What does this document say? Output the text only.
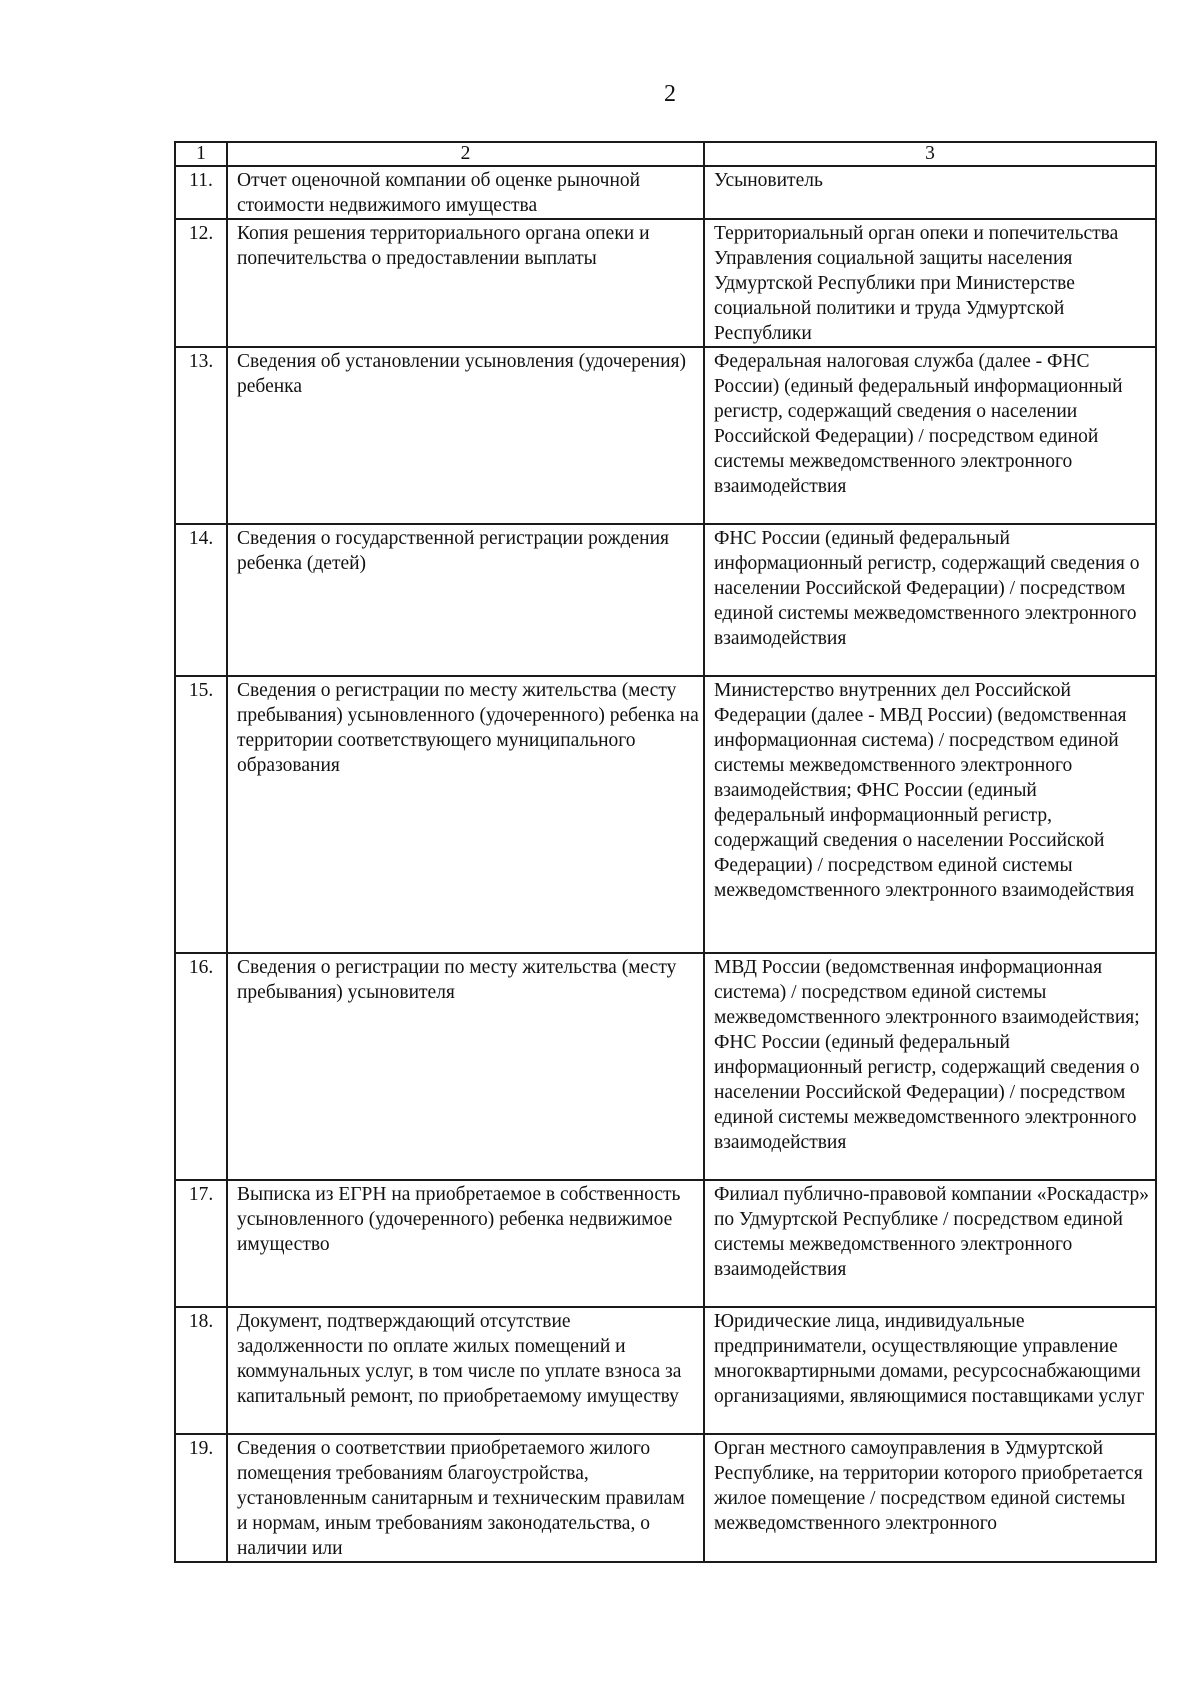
2
1	2	3
11.	Отчет оценочной компании об оценке рыночной стоимости недвижимого имущества	Усыновитель
12.	Копия решения территориального органа опеки и попечительства о предоставлении выплаты	Территориальный орган опеки и попечительства Управления социальной защиты населения Удмуртской Республики при Министерстве социальной политики и труда Удмуртской Республики
13.	Сведения об установлении усыновления (удочерения) ребенка	Федеральная налоговая служба (далее - ФНС России) (единый федеральный информационный регистр, содержащий сведения о населении Российской Федерации) / посредством единой системы межведомственного электронного взаимодействия
14.	Сведения о государственной регистрации рождения ребенка (детей)	ФНС России (единый федеральный информационный регистр, содержащий сведения о населении Российской Федерации) / посредством единой системы межведомственного электронного взаимодействия
15.	Сведения о регистрации по месту жительства (месту пребывания) усыновленного (удочеренного) ребенка на территории соответствующего муниципального образования	Министерство внутренних дел Российской Федерации (далее - МВД России) (ведомственная информационная система) / посредством единой системы межведомственного электронного взаимодействия; ФНС России (единый федеральный информационный регистр, содержащий сведения о населении Российской Федерации) / посредством единой системы межведомственного электронного взаимодействия
16.	Сведения о регистрации по месту жительства (месту пребывания) усыновителя	МВД России (ведомственная информационная система) / посредством единой системы межведомственного электронного взаимодействия; ФНС России (единый федеральный информационный регистр, содержащий сведения о населении Российской Федерации) / посредством единой системы межведомственного электронного взаимодействия
17.	Выписка из ЕГРН на приобретаемое в собственность усыновленного (удочеренного) ребенка недвижимое имущество	Филиал публично-правовой компании «Роскадастр» по Удмуртской Республике / посредством единой системы межведомственного электронного взаимодействия
18.	Документ, подтверждающий отсутствие задолженности по оплате жилых помещений и коммунальных услуг, в том числе по уплате взноса за капитальный ремонт, по приобретаемому имуществу	Юридические лица, индивидуальные предприниматели, осуществляющие управление многоквартирными домами, ресурсоснабжающими организациями, являющимися поставщиками услуг
19.	Сведения о соответствии приобретаемого жилого помещения требованиям благоустройства, установленным санитарным и техническим правилам и нормам, иным требованиям законодательства, о наличии или	Орган местного самоуправления в Удмуртской Республике, на территории которого приобретается жилое помещение / посредством единой системы межведомственного электронного
